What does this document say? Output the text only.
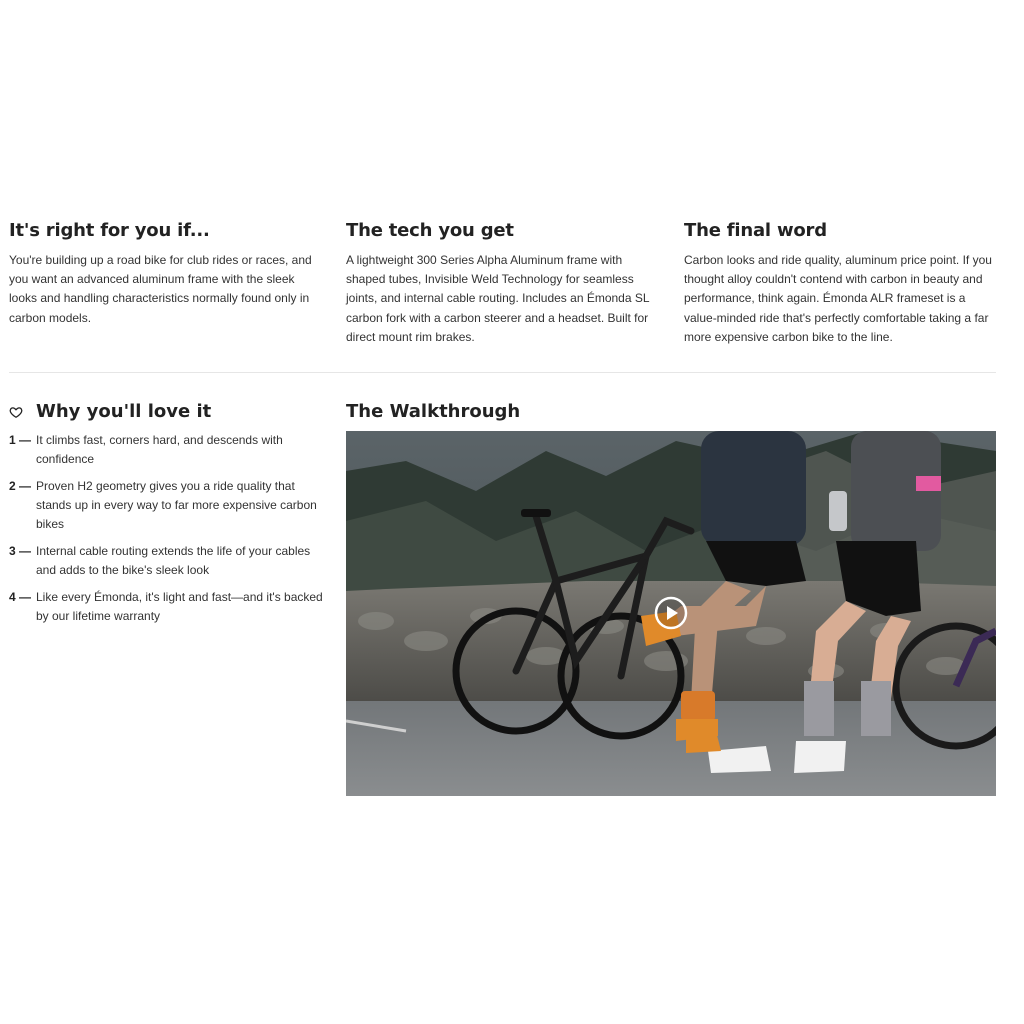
It's right for you if...

You're building up a road bike for club rides or races, and you want an advanced aluminum frame with the sleek looks and handling characteristics normally found only in carbon models.

The tech you get

A lightweight 300 Series Alpha Aluminum frame with shaped tubes, Invisible Weld Technology for seamless joints, and internal cable routing. Includes an Émonda SL carbon fork with a carbon steerer and a headset. Built for direct mount rim brakes.

The final word

Carbon looks and ride quality, aluminum price point. If you thought alloy couldn't contend with carbon in beauty and performance, think again. Émonda ALR frameset is a value-minded ride that's perfectly comfortable taking a far more expensive carbon bike to the line.

Why you'll love it
1 — It climbs fast, corners hard, and descends with confidence
2 — Proven H2 geometry gives you a ride quality that stands up in every way to far more expensive carbon bikes
3 — Internal cable routing extends the life of your cables and adds to the bike's sleek look
4 — Like every Émonda, it's light and fast—and it's backed by our lifetime warranty
The Walkthrough
